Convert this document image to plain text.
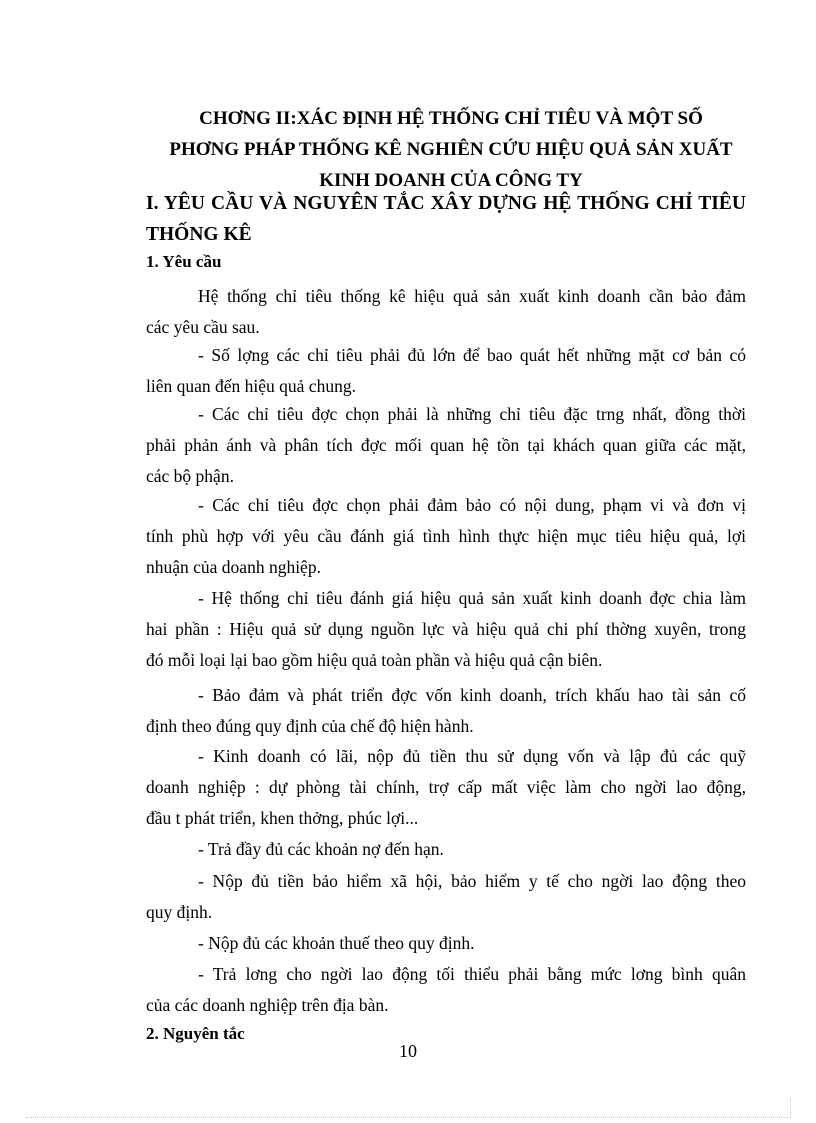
CHƠNG II:XÁC ĐỊNH HỆ THỐNG CHỈ TIÊU VÀ MỘT SỐ
PHƠNG PHÁP THỐNG KÊ NGHIÊN CỨU HIỆU QUẢ SẢN XUẤT
KINH DOANH CỦA CÔNG TY
I. YÊU CẦU VÀ NGUYÊN TẮC XÂY DỰNG HỆ THỐNG CHỈ TIÊU
THỐNG KÊ
1. Yêu cầu
Hệ thống chỉ tiêu thống kê hiệu quả sản xuất kinh doanh cần bảo đảm
các yêu cầu sau.
- Số lợng các chỉ tiêu phải đủ lớn để bao quát hết những mặt cơ bản có
liên quan đến hiệu quả chung.
- Các chỉ tiêu đợc chọn phải là những chỉ tiêu đặc trng nhất, đồng thời
phải phản ánh và phân tích đợc mối quan hệ tồn tại khách quan giữa các mặt,
các bộ phận.
- Các chỉ tiêu đợc chọn phải đảm bảo có nội dung, phạm vi và đơn vị
tính phù hợp với yêu cầu đánh giá tình hình thực hiện mục tiêu hiệu quả, lợi
nhuận của doanh nghiệp.
- Hệ thống chỉ tiêu đánh giá hiệu quả sản xuất kinh doanh đợc chia làm
hai phần : Hiệu quả sử dụng nguồn lực và hiệu quả chi phí thờng xuyên, trong
đó mỗi loại lại bao gồm hiệu quả toàn phần và hiệu quả cận biên.
- Bảo đảm và phát triển đợc vốn kinh doanh, trích khấu hao tài sản cố
định theo đúng quy định của chế độ hiện hành.
- Kinh doanh có lãi, nộp đủ tiền thu sử dụng vốn và lập đủ các quỹ
doanh nghiệp : dự phòng tài chính, trợ cấp mất việc làm cho ngời lao động,
đầu t phát triển, khen thởng, phúc lợi...
- Trả đầy đủ các khoản nợ đến hạn.
- Nộp đủ tiền bảo hiểm xã hội, bảo hiểm y tế cho ngời lao động theo
quy định.
- Nộp đủ các khoản thuế theo quy định.
- Trả lơng cho ngời lao động tối thiểu phải bằng mức lơng bình quân
của các doanh nghiệp trên địa bàn.
2. Nguyên tắc
10
